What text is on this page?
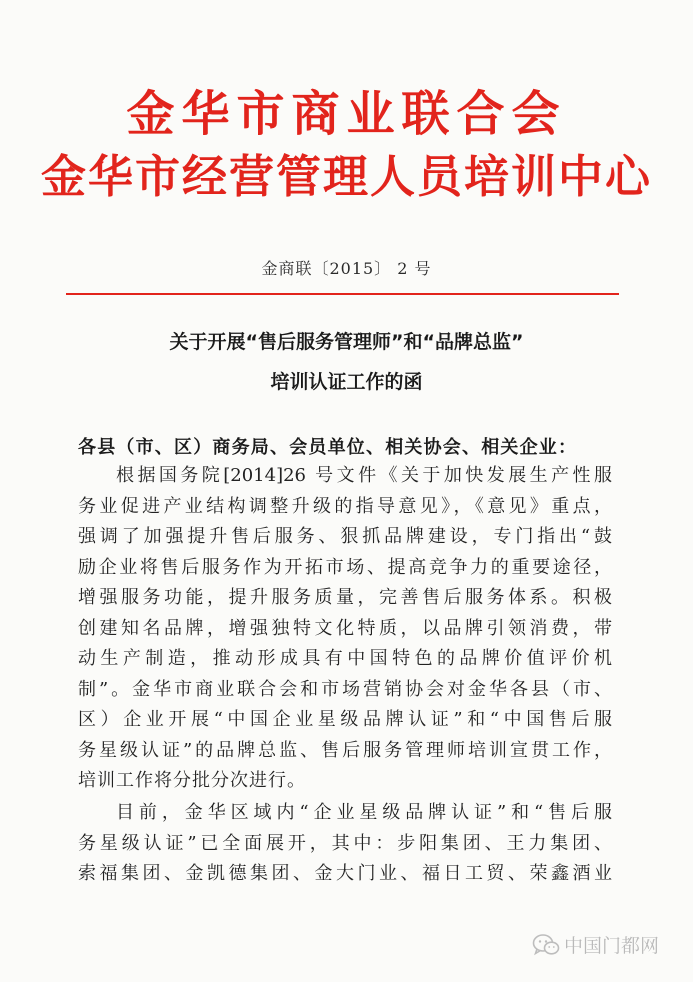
金华市商业联合会
金华市经营管理人员培训中心
金商联〔2015〕 2 号
关于开展“售后服务管理师”和“品牌总监”
培训认证工作的函
各县（市、区）商务局、会员单位、相关协会、相关企业：
根据国务院[2014]26 号文件《关于加快发展生产性服
务业促进产业结构调整升级的指导意见》，《意见》重点，
强调了加强提升售后服务、狠抓品牌建设，专门指出“鼓
励企业将售后服务作为开拓市场、提高竞争力的重要途径，
增强服务功能，提升服务质量，完善售后服务体系。积极
创建知名品牌，增强独特文化特质，以品牌引领消费，带
动生产制造，推动形成具有中国特色的品牌价值评价机
制”。金华市商业联合会和市场营销协会对金华各县（市、
区）企业开展“中国企业星级品牌认证”和“中国售后服
务星级认证”的品牌总监、售后服务管理师培训宣贯工作，
培训工作将分批分次进行。
目前，金华区域内“企业星级品牌认证”和“售后服
务星级认证”已全面展开，其中：步阳集团、王力集团、
索福集团、金凯德集团、金大门业、福日工贸、荣鑫酒业
中国门都网
